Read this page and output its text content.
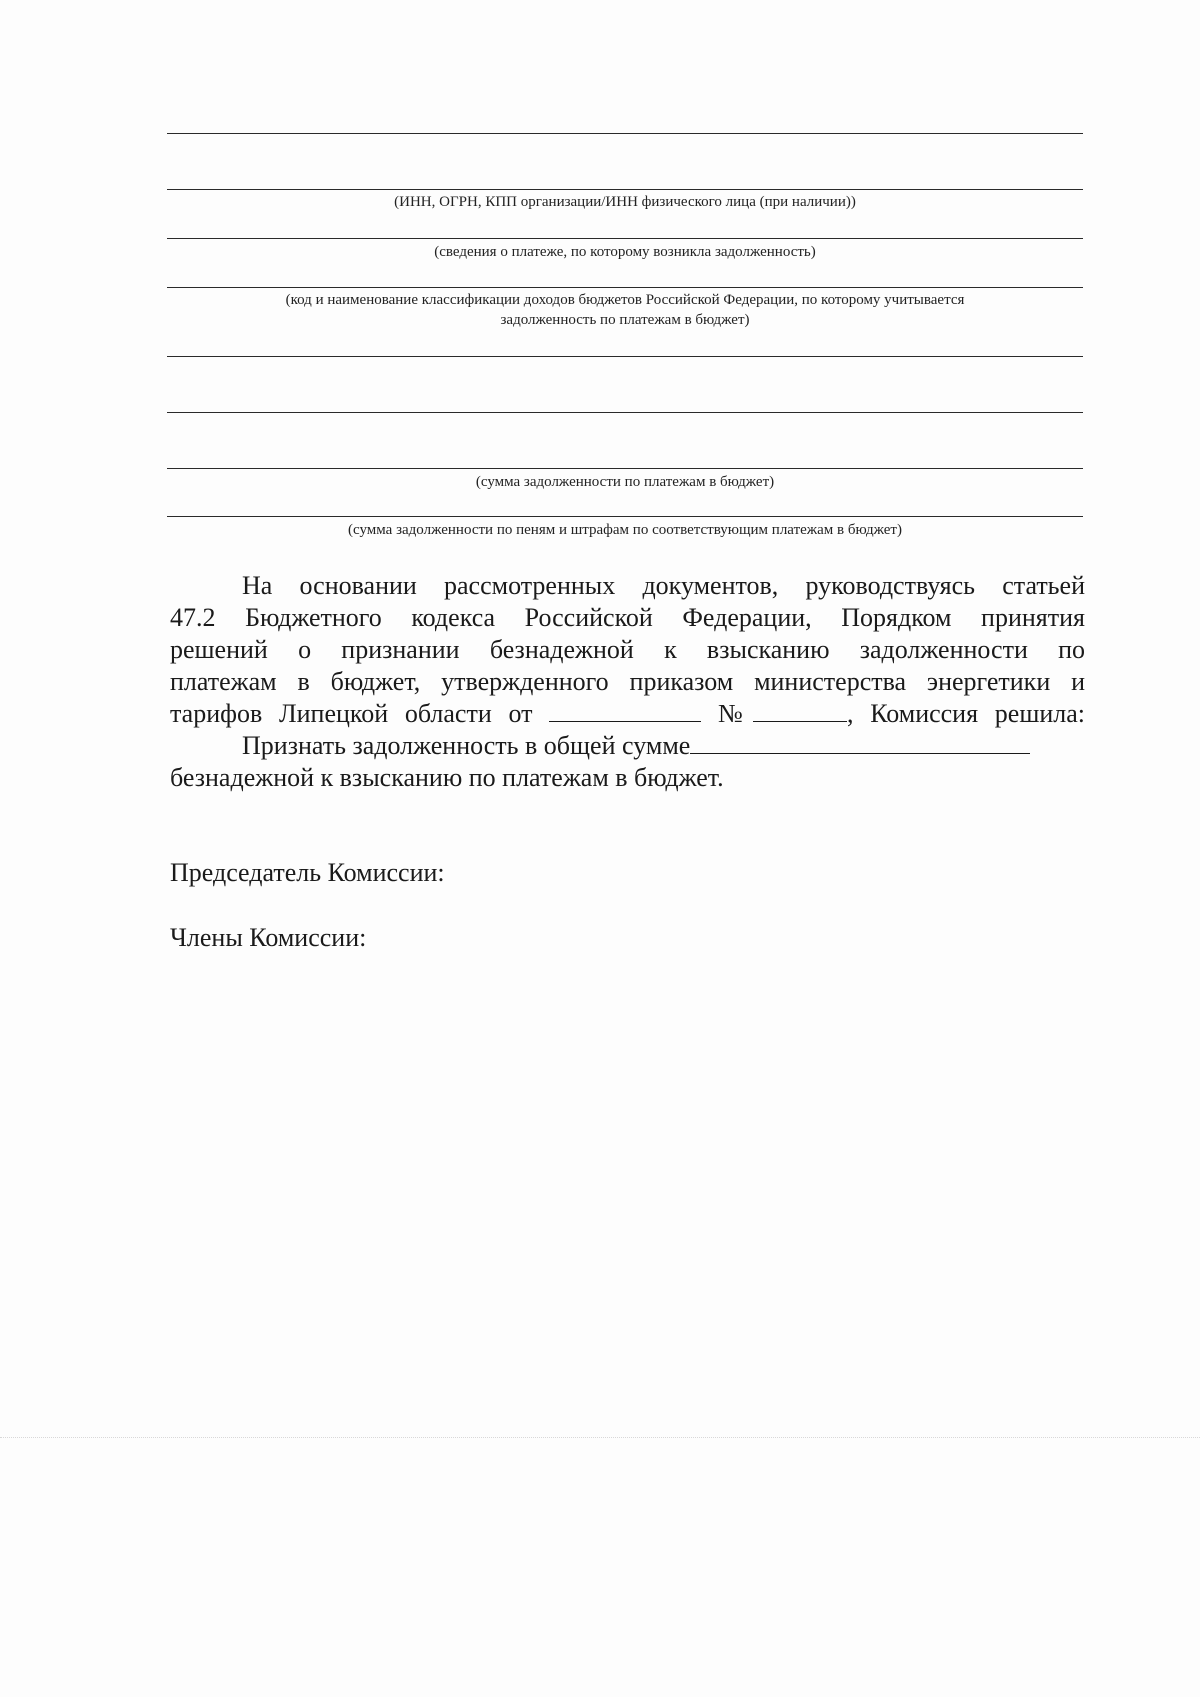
(ИНН, ОГРН, КПП организации/ИНН физического лица (при наличии))
(сведения о платеже, по которому возникла задолженность)
(код и наименование классификации доходов бюджетов Российской Федерации, по которому учитывается
задолженность по платежам в бюджет)
(сумма задолженности по платежам в бюджет)
(сумма задолженности по пеням и штрафам по соответствующим платежам в бюджет)
На основании рассмотренных документов, руководствуясь статьей
47.2 Бюджетного кодекса Российской Федерации, Порядком принятия
решений о признании безнадежной к взысканию задолженности по
платежам в бюджет, утвержденного приказом министерства энергетики и
тарифов Липецкой области от	№	, Комиссия решила:
Признать задолженность в общей сумме
безнадежной к взысканию по платежам в бюджет.
Председатель Комиссии:
Члены Комиссии:
